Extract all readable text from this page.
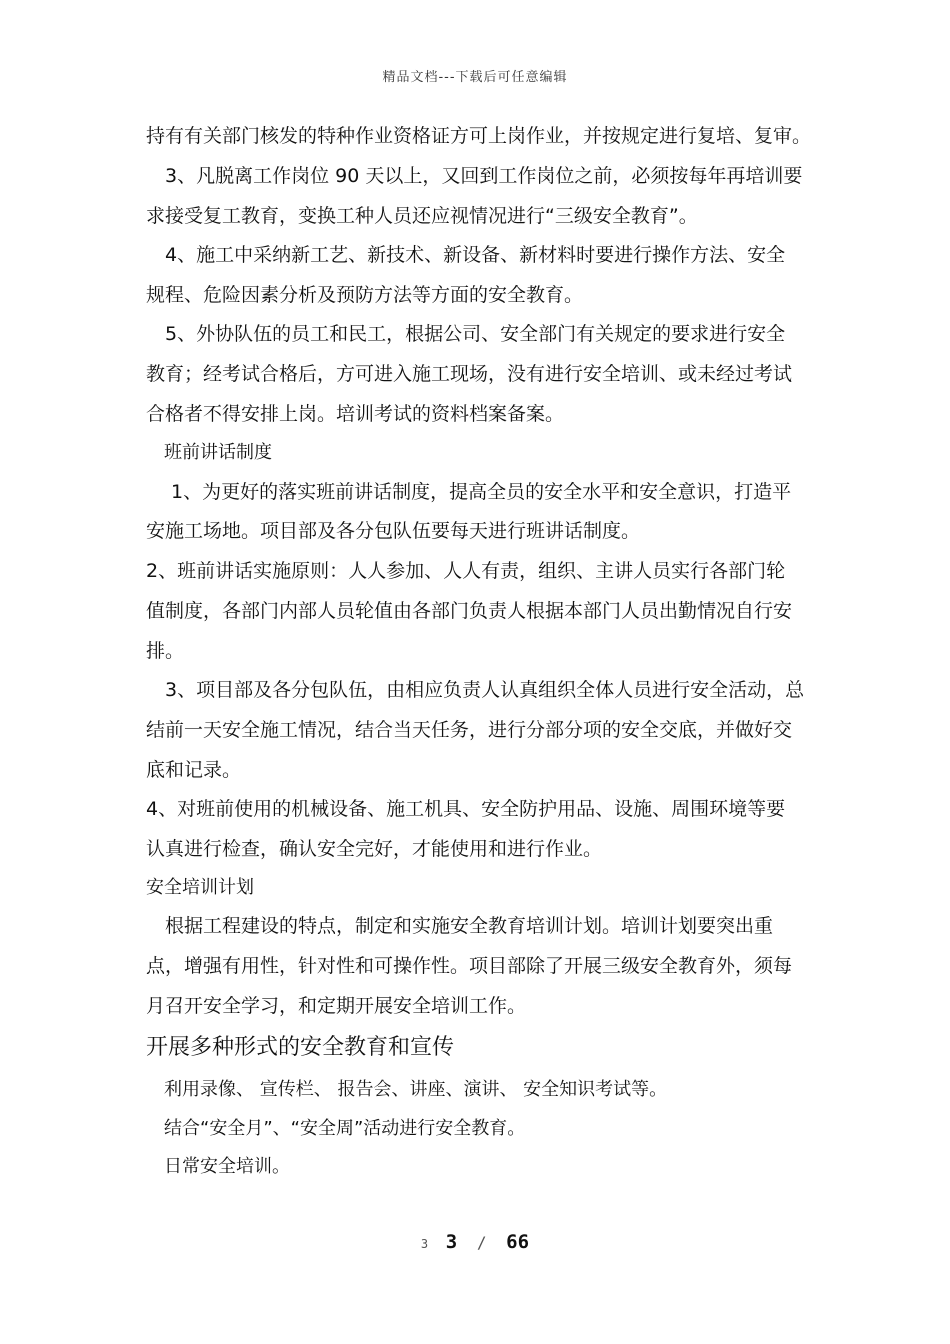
精品文档---下载后可任意编辑
持有有关部门核发的特种作业资格证方可上岗作业，并按规定进行复培、复审。
　3、凡脱离工作岗位 90 天以上，又回到工作岗位之前，必须按每年再培训要
求接受复工教育，变换工种人员还应视情况进行“三级安全教育”。
　4、施工中采纳新工艺、新技术、新设备、新材料时要进行操作方法、安全
规程、危险因素分析及预防方法等方面的安全教育。
　5、外协队伍的员工和民工，根据公司、安全部门有关规定的要求进行安全
教育；经考试合格后，方可进入施工现场，没有进行安全培训、或未经过考试
合格者不得安排上岗。培训考试的资料档案备案。
　班前讲话制度
　 1、为更好的落实班前讲话制度，提高全员的安全水平和安全意识，打造平
安施工场地。项目部及各分包队伍要每天进行班讲话制度。
2、班前讲话实施原则：人人参加、人人有责，组织、主讲人员实行各部门轮
值制度，各部门内部人员轮值由各部门负责人根据本部门人员出勤情况自行安
排。
　3、项目部及各分包队伍，由相应负责人认真组织全体人员进行安全活动，总
结前一天安全施工情况，结合当天任务，进行分部分项的安全交底，并做好交
底和记录。
4、对班前使用的机械设备、施工机具、安全防护用品、设施、周围环境等要
认真进行检查，确认安全完好，才能使用和进行作业。
安全培训计划
　根据工程建设的特点，制定和实施安全教育培训计划。培训计划要突出重
点，增强有用性，针对性和可操作性。项目部除了开展三级安全教育外，须每
月召开安全学习，和定期开展安全培训工作。
开展多种形式的安全教育和宣传
　利用录像、 宣传栏、 报告会、讲座、演讲、 安全知识考试等。
　结合“安全月”、“安全周”活动进行安全教育。
　日常安全培训。
3 3 / 66
